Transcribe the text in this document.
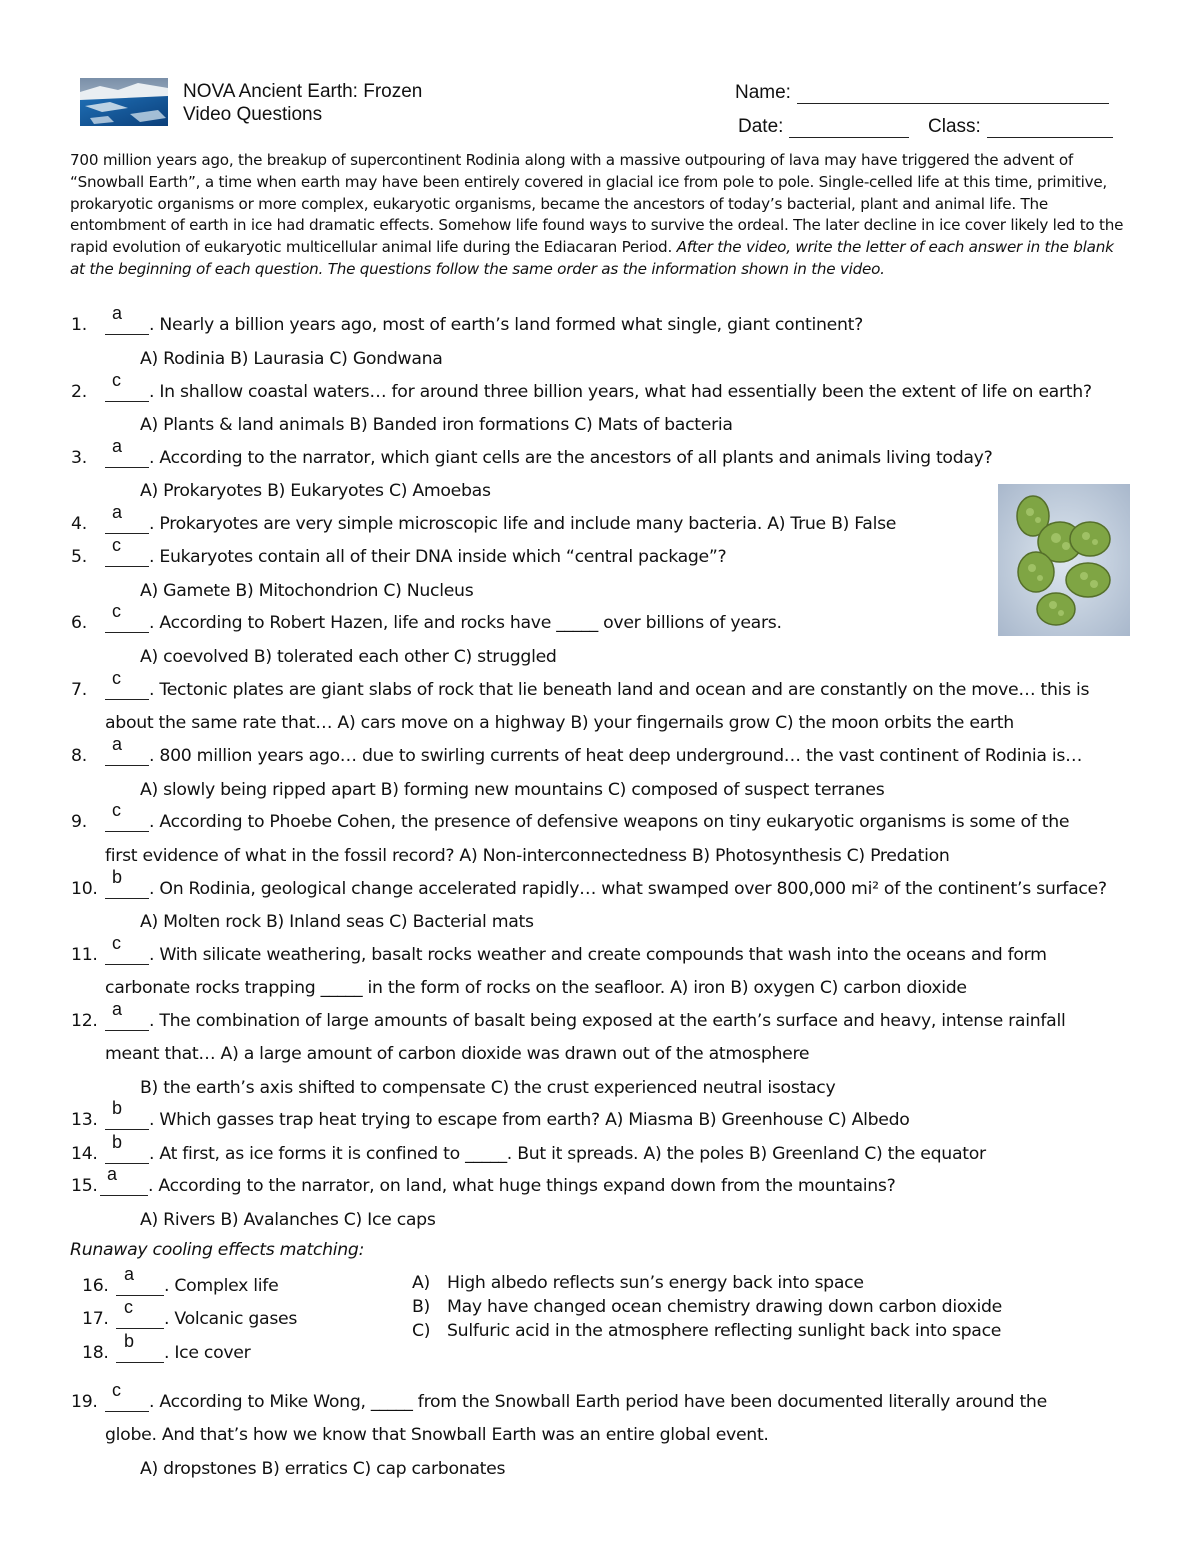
NOVA Ancient Earth: Frozen
Video Questions
Name:
Date:	Class:
700 million years ago, the breakup of supercontinent Rodinia along with a massive outpouring of lava may have triggered the advent of “Snowball Earth”, a time when earth may have been entirely covered in glacial ice from pole to pole. Single-celled life at this time, primitive, prokaryotic organisms or more complex, eukaryotic organisms, became the ancestors of today’s bacterial, plant and animal life. The entombment of earth in ice had dramatic effects. Somehow life found ways to survive the ordeal. The later decline in ice cover likely led to the rapid evolution of eukaryotic multicellular animal life during the Ediacaran Period. After the video, write the letter of each answer in the blank at the beginning of each question. The questions follow the same order as the information shown in the video.
1.
a
. Nearly a billion years ago, most of earth’s land formed what single, giant continent?
A) Rodinia B) Laurasia C) Gondwana
2.
c
. In shallow coastal waters… for around three billion years, what had essentially been the extent of life on earth?
A) Plants & land animals B) Banded iron formations C) Mats of bacteria
3.
a
. According to the narrator, which giant cells are the ancestors of all plants and animals living today?
A) Prokaryotes B) Eukaryotes C) Amoebas
4.
a
. Prokaryotes are very simple microscopic life and include many bacteria. A) True B) False
5.
c
. Eukaryotes contain all of their DNA inside which “central package”?
A) Gamete B) Mitochondrion C) Nucleus
6.
c
. According to Robert Hazen, life and rocks have _____ over billions of years.
A) coevolved B) tolerated each other C) struggled
7.
c
. Tectonic plates are giant slabs of rock that lie beneath land and ocean and are constantly on the move… this is
about the same rate that… A) cars move on a highway B) your fingernails grow C) the moon orbits the earth
8.
a
. 800 million years ago… due to swirling currents of heat deep underground… the vast continent of Rodinia is…
A) slowly being ripped apart B) forming new mountains C) composed of suspect terranes
9.
c
. According to Phoebe Cohen, the presence of defensive weapons on tiny eukaryotic organisms is some of the
first evidence of what in the fossil record? A) Non-interconnectedness B) Photosynthesis C) Predation
10.
b
. On Rodinia, geological change accelerated rapidly… what swamped over 800,000 mi² of the continent’s surface?
A) Molten rock B) Inland seas C) Bacterial mats
11.
c
. With silicate weathering, basalt rocks weather and create compounds that wash into the oceans and form
carbonate rocks trapping _____ in the form of rocks on the seafloor. A) iron B) oxygen C) carbon dioxide
12.
a
. The combination of large amounts of basalt being exposed at the earth’s surface and heavy, intense rainfall
meant that… A) a large amount of carbon dioxide was drawn out of the atmosphere
B) the earth’s axis shifted to compensate C) the crust experienced neutral isostacy
13.
b
. Which gasses trap heat trying to escape from earth? A) Miasma B) Greenhouse C) Albedo
14.
b
. At first, as ice forms it is confined to _____. But it spreads. A) the poles B) Greenland C) the equator
15.
a
. According to the narrator, on land, what huge things expand down from the mountains?
A) Rivers B) Avalanches C) Ice caps
Runaway cooling effects matching:
16.
a
. Complex life
17.
c
. Volcanic gases
18.
b
. Ice cover
A) High albedo reflects sun’s energy back into space
B) May have changed ocean chemistry drawing down carbon dioxide
C) Sulfuric acid in the atmosphere reflecting sunlight back into space
19.
c
. According to Mike Wong, _____ from the Snowball Earth period have been documented literally around the
globe. And that’s how we know that Snowball Earth was an entire global event.
A) dropstones B) erratics C) cap carbonates
